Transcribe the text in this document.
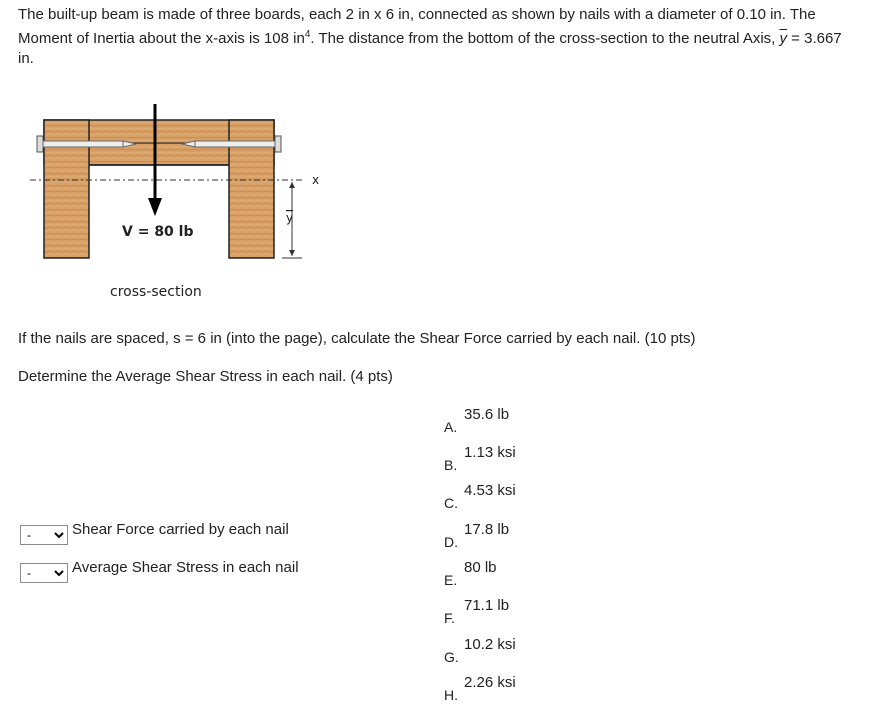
The built-up beam is made of three boards, each 2 in x 6 in, connected as shown by nails with a diameter of 0.10 in. The Moment of Inertia about the x-axis is 108 $in^4$. The distance from the bottom of the cross-section to the neutral Axis, $\overline{y} = 3.667$ in.
x
y
V = 80 lb
cross-section
If the nails are spaced, s = 6 in (into the page), calculate the Shear Force carried by each nail. (10 pts)
Determine the Average Shear Stress in each nail. (4 pts)
A.
35.6 lb
B.
1.13 ksi
C.
4.53 ksi
D.
17.8 lb
E.
80 lb
F.
71.1 lb
G.
10.2 ksi
H.
2.26 ksi
-
Shear Force carried by each nail
-
Average Shear Stress in each nail
